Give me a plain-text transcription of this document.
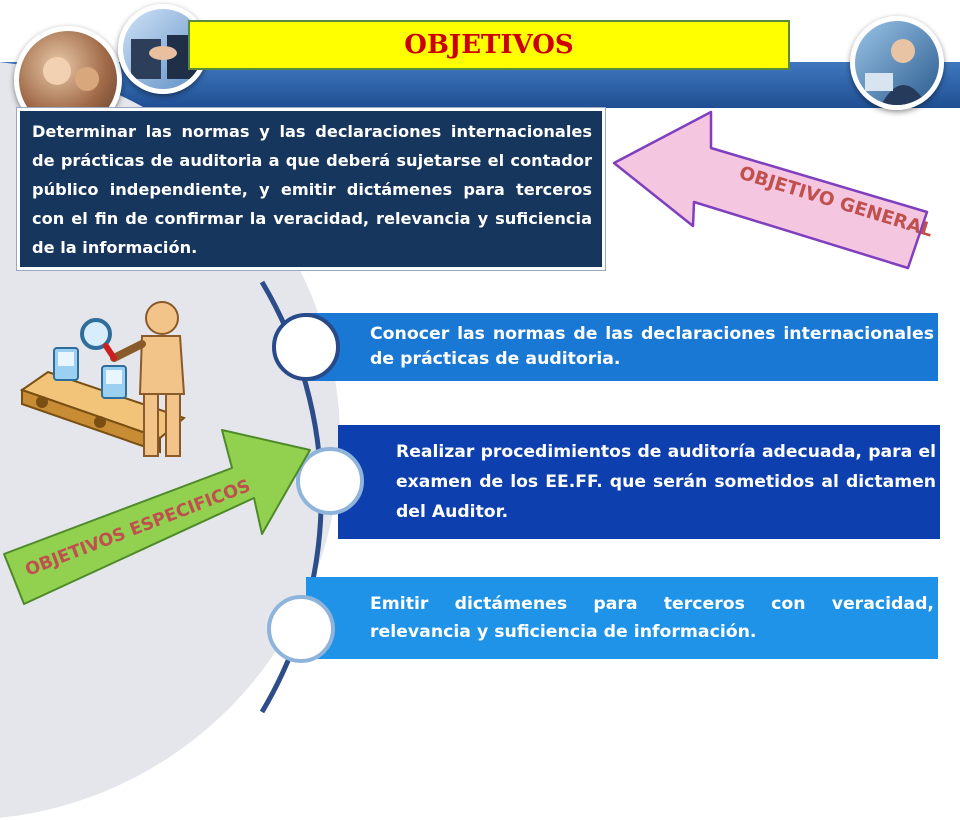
OBJETIVOS
Determinar las normas y las declaraciones internacionales de prácticas de auditoria a que deberá sujetarse el contador público independiente, y emitir dictámenes para terceros con el fin de confirmar la veracidad, relevancia y suficiencia de la información.
OBJETIVO GENERAL
Conocer las normas de las declaraciones internacionales de prácticas de auditoria.
Realizar procedimientos de auditoría adecuada, para el examen de los EE.FF. que serán sometidos al dictamen del Auditor.
Emitir dictámenes para terceros con veracidad, relevancia y suficiencia de información.
OBJETIVOS ESPECIFICOS
